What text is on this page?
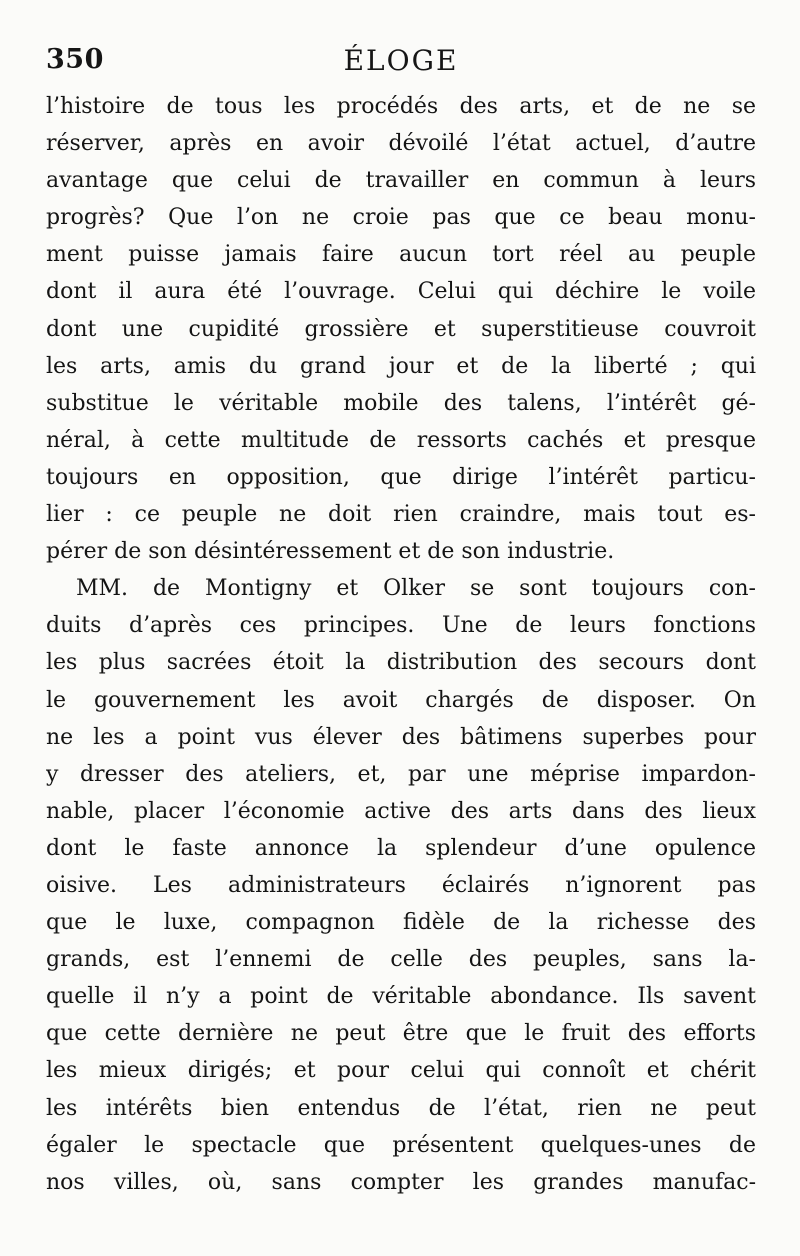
350	ÉLOGE
l’histoire de tous les procédés des arts, et de ne se
réserver, après en avoir dévoilé l’état actuel, d’autre
avantage que celui de travailler en commun à leurs
progrès? Que l’on ne croie pas que ce beau monu-
ment puisse jamais faire aucun tort réel au peuple
dont il aura été l’ouvrage. Celui qui déchire le voile
dont une cupidité grossière et superstitieuse couvroit
les arts, amis du grand jour et de la liberté ; qui
substitue le véritable mobile des talens, l’intérêt gé-
néral, à cette multitude de ressorts cachés et presque
toujours en opposition, que dirige l’intérêt particu-
lier : ce peuple ne doit rien craindre, mais tout es-
pérer de son désintéressement et de son industrie.
MM. de Montigny et Olker se sont toujours con-
duits d’après ces principes. Une de leurs fonctions
les plus sacrées étoit la distribution des secours dont
le gouvernement les avoit chargés de disposer. On
ne les a point vus élever des bâtimens superbes pour
y dresser des ateliers, et, par une méprise impardon-
nable, placer l’économie active des arts dans des lieux
dont le faste annonce la splendeur d’une opulence
oisive. Les administrateurs éclairés n’ignorent pas
que le luxe, compagnon fidèle de la richesse des
grands, est l’ennemi de celle des peuples, sans la-
quelle il n’y a point de véritable abondance. Ils savent
que cette dernière ne peut être que le fruit des efforts
les mieux dirigés; et pour celui qui connoît et chérit
les intérêts bien entendus de l’état, rien ne peut
égaler le spectacle que présentent quelques-unes de
nos villes, où, sans compter les grandes manufac-
